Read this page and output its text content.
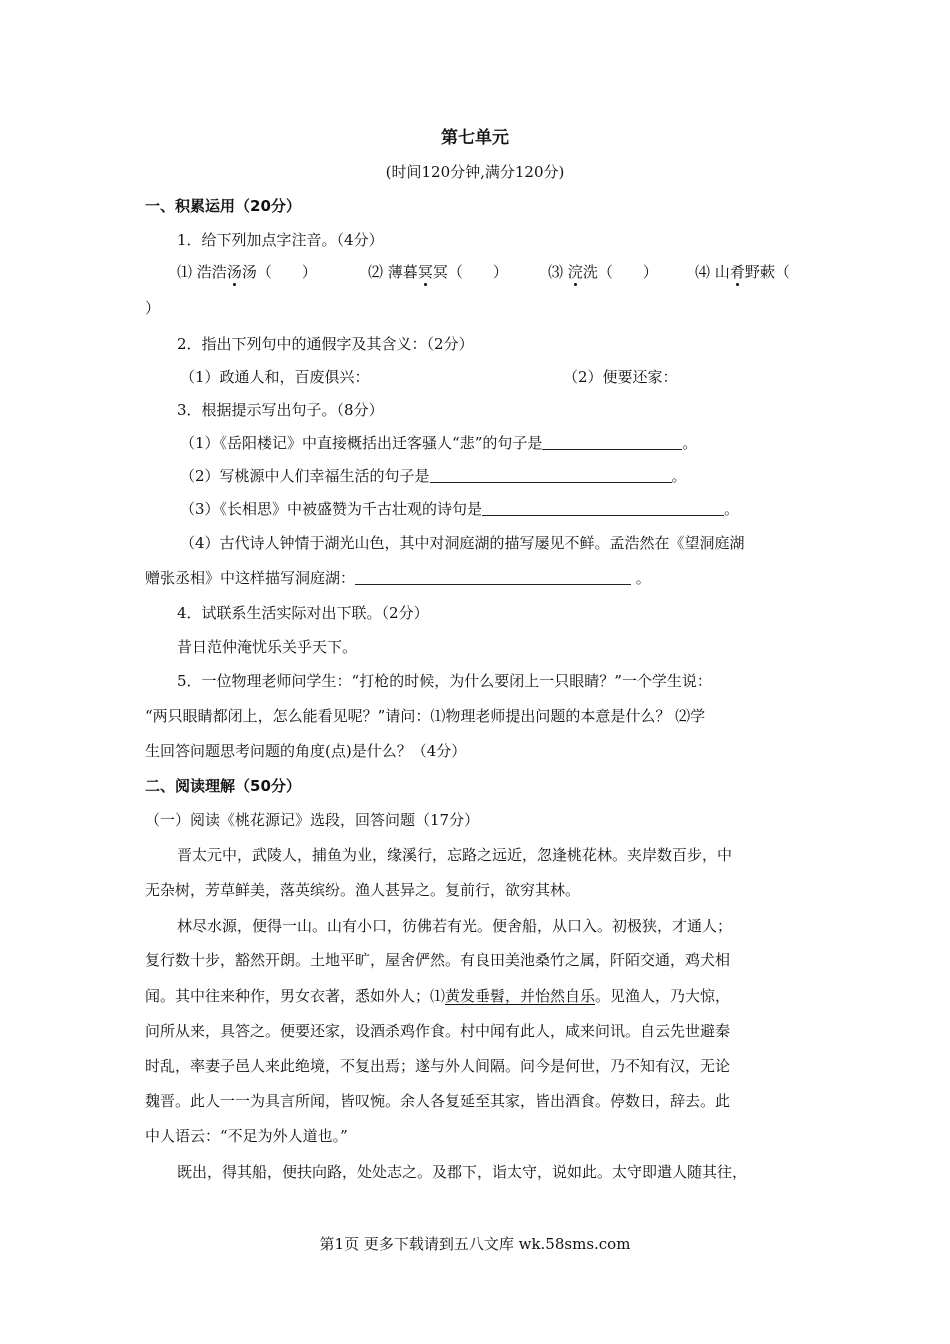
第七单元
(时间120分钟,满分120分)
一、积累运用（20分）
1．给下列加点字注音。（4分）
⑴ 浩浩汤汤（ ）	⑵ 薄暮冥冥（ ）	⑶ 浣洗（ ） ⑷ 山肴野蔌（
）
2．指出下列句中的通假字及其含义：（2分）
（1）政通人和，百废俱兴：	（2）便要还家：
3．根据提示写出句子。（8分）
（1）《岳阳楼记》中直接概括出迁客骚人“悲”的句子是	。
（2）写桃源中人们幸福生活的句子是	。
（3）《长相思》中被盛赞为千古壮观的诗句是	。
（4）古代诗人钟情于湖光山色，其中对洞庭湖的描写屡见不鲜。孟浩然在《望洞庭湖
赠张丞相》中这样描写洞庭湖：	。
4．试联系生活实际对出下联。（2分）
昔日范仲淹忧乐关乎天下。
5．一位物理老师问学生：“打枪的时候，为什么要闭上一只眼睛？”一个学生说：
“两只眼睛都闭上，怎么能看见呢？”请问：⑴物理老师提出问题的本意是什么？ ⑵学
生回答问题思考问题的角度(点)是什么？（4分）
二、阅读理解（50分）
（一）阅读《桃花源记》选段，回答问题（17分）
晋太元中，武陵人，捕鱼为业，缘溪行，忘路之远近，忽逢桃花林。夹岸数百步，中
无杂树，芳草鲜美，落英缤纷。渔人甚异之。复前行，欲穷其林。
林尽水源，便得一山。山有小口，彷佛若有光。便舍船，从口入。初极狭，才通人；
复行数十步，豁然开朗。土地平旷，屋舍俨然。有良田美池桑竹之属，阡陌交通，鸡犬相
闻。其中往来种作，男女衣著，悉如外人；⑴黄发垂髫，并怡然自乐。见渔人，乃大惊，
问所从来，具答之。便要还家，设酒杀鸡作食。村中闻有此人，咸来问讯。自云先世避秦
时乱，率妻子邑人来此绝境，不复出焉；遂与外人间隔。问今是何世，乃不知有汉，无论
魏晋。此人一一为具言所闻，皆叹惋。余人各复延至其家，皆出酒食。停数日，辞去。此
中人语云：“不足为外人道也。”
既出，得其船，便扶向路，处处志之。及郡下，诣太守，说如此。太守即遣人随其往，
第1页 更多下载请到五八文库 wk.58sms.com
